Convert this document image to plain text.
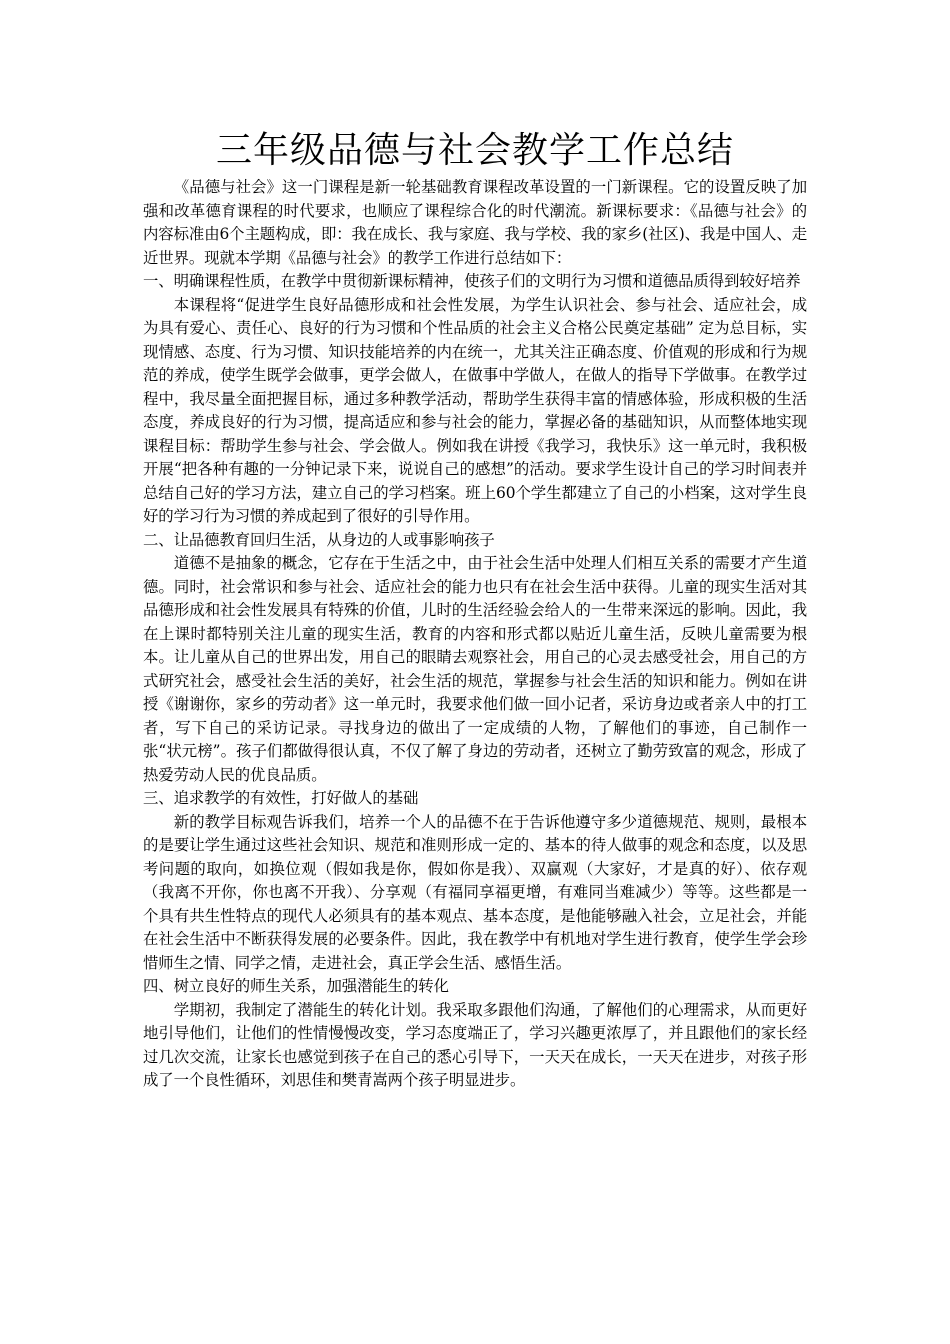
三年级品德与社会教学工作总结

《品德与社会》这一门课程是新一轮基础教育课程改革设置的一门新课程。它的设置反映了加强和改革德育课程的时代要求，也顺应了课程综合化的时代潮流。新课标要求：《品德与社会》的内容标准由6个主题构成，即：我在成长、我与家庭、我与学校、我的家乡(社区)、我是中国人、走近世界。现就本学期《品德与社会》的教学工作进行总结如下：

一、明确课程性质，在教学中贯彻新课标精神，使孩子们的文明行为习惯和道德品质得到较好培养

本课程将“促进学生良好品德形成和社会性发展，为学生认识社会、参与社会、适应社会，成为具有爱心、责任心、良好的行为习惯和个性品质的社会主义合格公民奠定基础” 定为总目标，实现情感、态度、行为习惯、知识技能培养的内在统一，尤其关注正确态度、价值观的形成和行为规范的养成，使学生既学会做事，更学会做人，在做事中学做人，在做人的指导下学做事。在教学过程中，我尽量全面把握目标，通过多种教学活动，帮助学生获得丰富的情感体验，形成积极的生活态度，养成良好的行为习惯，提高适应和参与社会的能力，掌握必备的基础知识，从而整体地实现课程目标：帮助学生参与社会、学会做人。例如我在讲授《我学习，我快乐》这一单元时，我积极开展“把各种有趣的一分钟记录下来，说说自己的感想”的活动。要求学生设计自己的学习时间表并总结自己好的学习方法，建立自己的学习档案。班上60个学生都建立了自己的小档案，这对学生良好的学习行为习惯的养成起到了很好的引导作用。

二、让品德教育回归生活，从身边的人或事影响孩子

道德不是抽象的概念，它存在于生活之中，由于社会生活中处理人们相互关系的需要才产生道德。同时，社会常识和参与社会、适应社会的能力也只有在社会生活中获得。儿童的现实生活对其品德形成和社会性发展具有特殊的价值，儿时的生活经验会给人的一生带来深远的影响。因此，我在上课时都特别关注儿童的现实生活，教育的内容和形式都以贴近儿童生活，反映儿童需要为根本。让儿童从自己的世界出发，用自己的眼睛去观察社会，用自己的心灵去感受社会，用自己的方式研究社会，感受社会生活的美好，社会生活的规范，掌握参与社会生活的知识和能力。例如在讲授《谢谢你，家乡的劳动者》这一单元时，我要求他们做一回小记者，采访身边或者亲人中的打工者，写下自己的采访记录。寻找身边的做出了一定成绩的人物，了解他们的事迹，自己制作一张“状元榜”。孩子们都做得很认真，不仅了解了身边的劳动者，还树立了勤劳致富的观念，形成了热爱劳动人民的优良品质。

三、追求教学的有效性，打好做人的基础

新的教学目标观告诉我们，培养一个人的品德不在于告诉他遵守多少道德规范、规则，最根本的是要让学生通过这些社会知识、规范和准则形成一定的、基本的待人做事的观念和态度，以及思考问题的取向，如换位观（假如我是你，假如你是我）、双赢观（大家好，才是真的好）、依存观（我离不开你，你也离不开我）、分享观（有福同享福更增，有难同当难减少）等等。这些都是一个具有共生性特点的现代人必须具有的基本观点、基本态度，是他能够融入社会，立足社会，并能在社会生活中不断获得发展的必要条件。因此，我在教学中有机地对学生进行教育，使学生学会珍惜师生之情、同学之情，走进社会，真正学会生活、感悟生活。

四、树立良好的师生关系，加强潜能生的转化

学期初，我制定了潜能生的转化计划。我采取多跟他们沟通，了解他们的心理需求，从而更好地引导他们，让他们的性情慢慢改变，学习态度端正了，学习兴趣更浓厚了，并且跟他们的家长经过几次交流，让家长也感觉到孩子在自己的悉心引导下，一天天在成长，一天天在进步，对孩子形成了一个良性循环，刘思佳和樊青嵩两个孩子明显进步。
